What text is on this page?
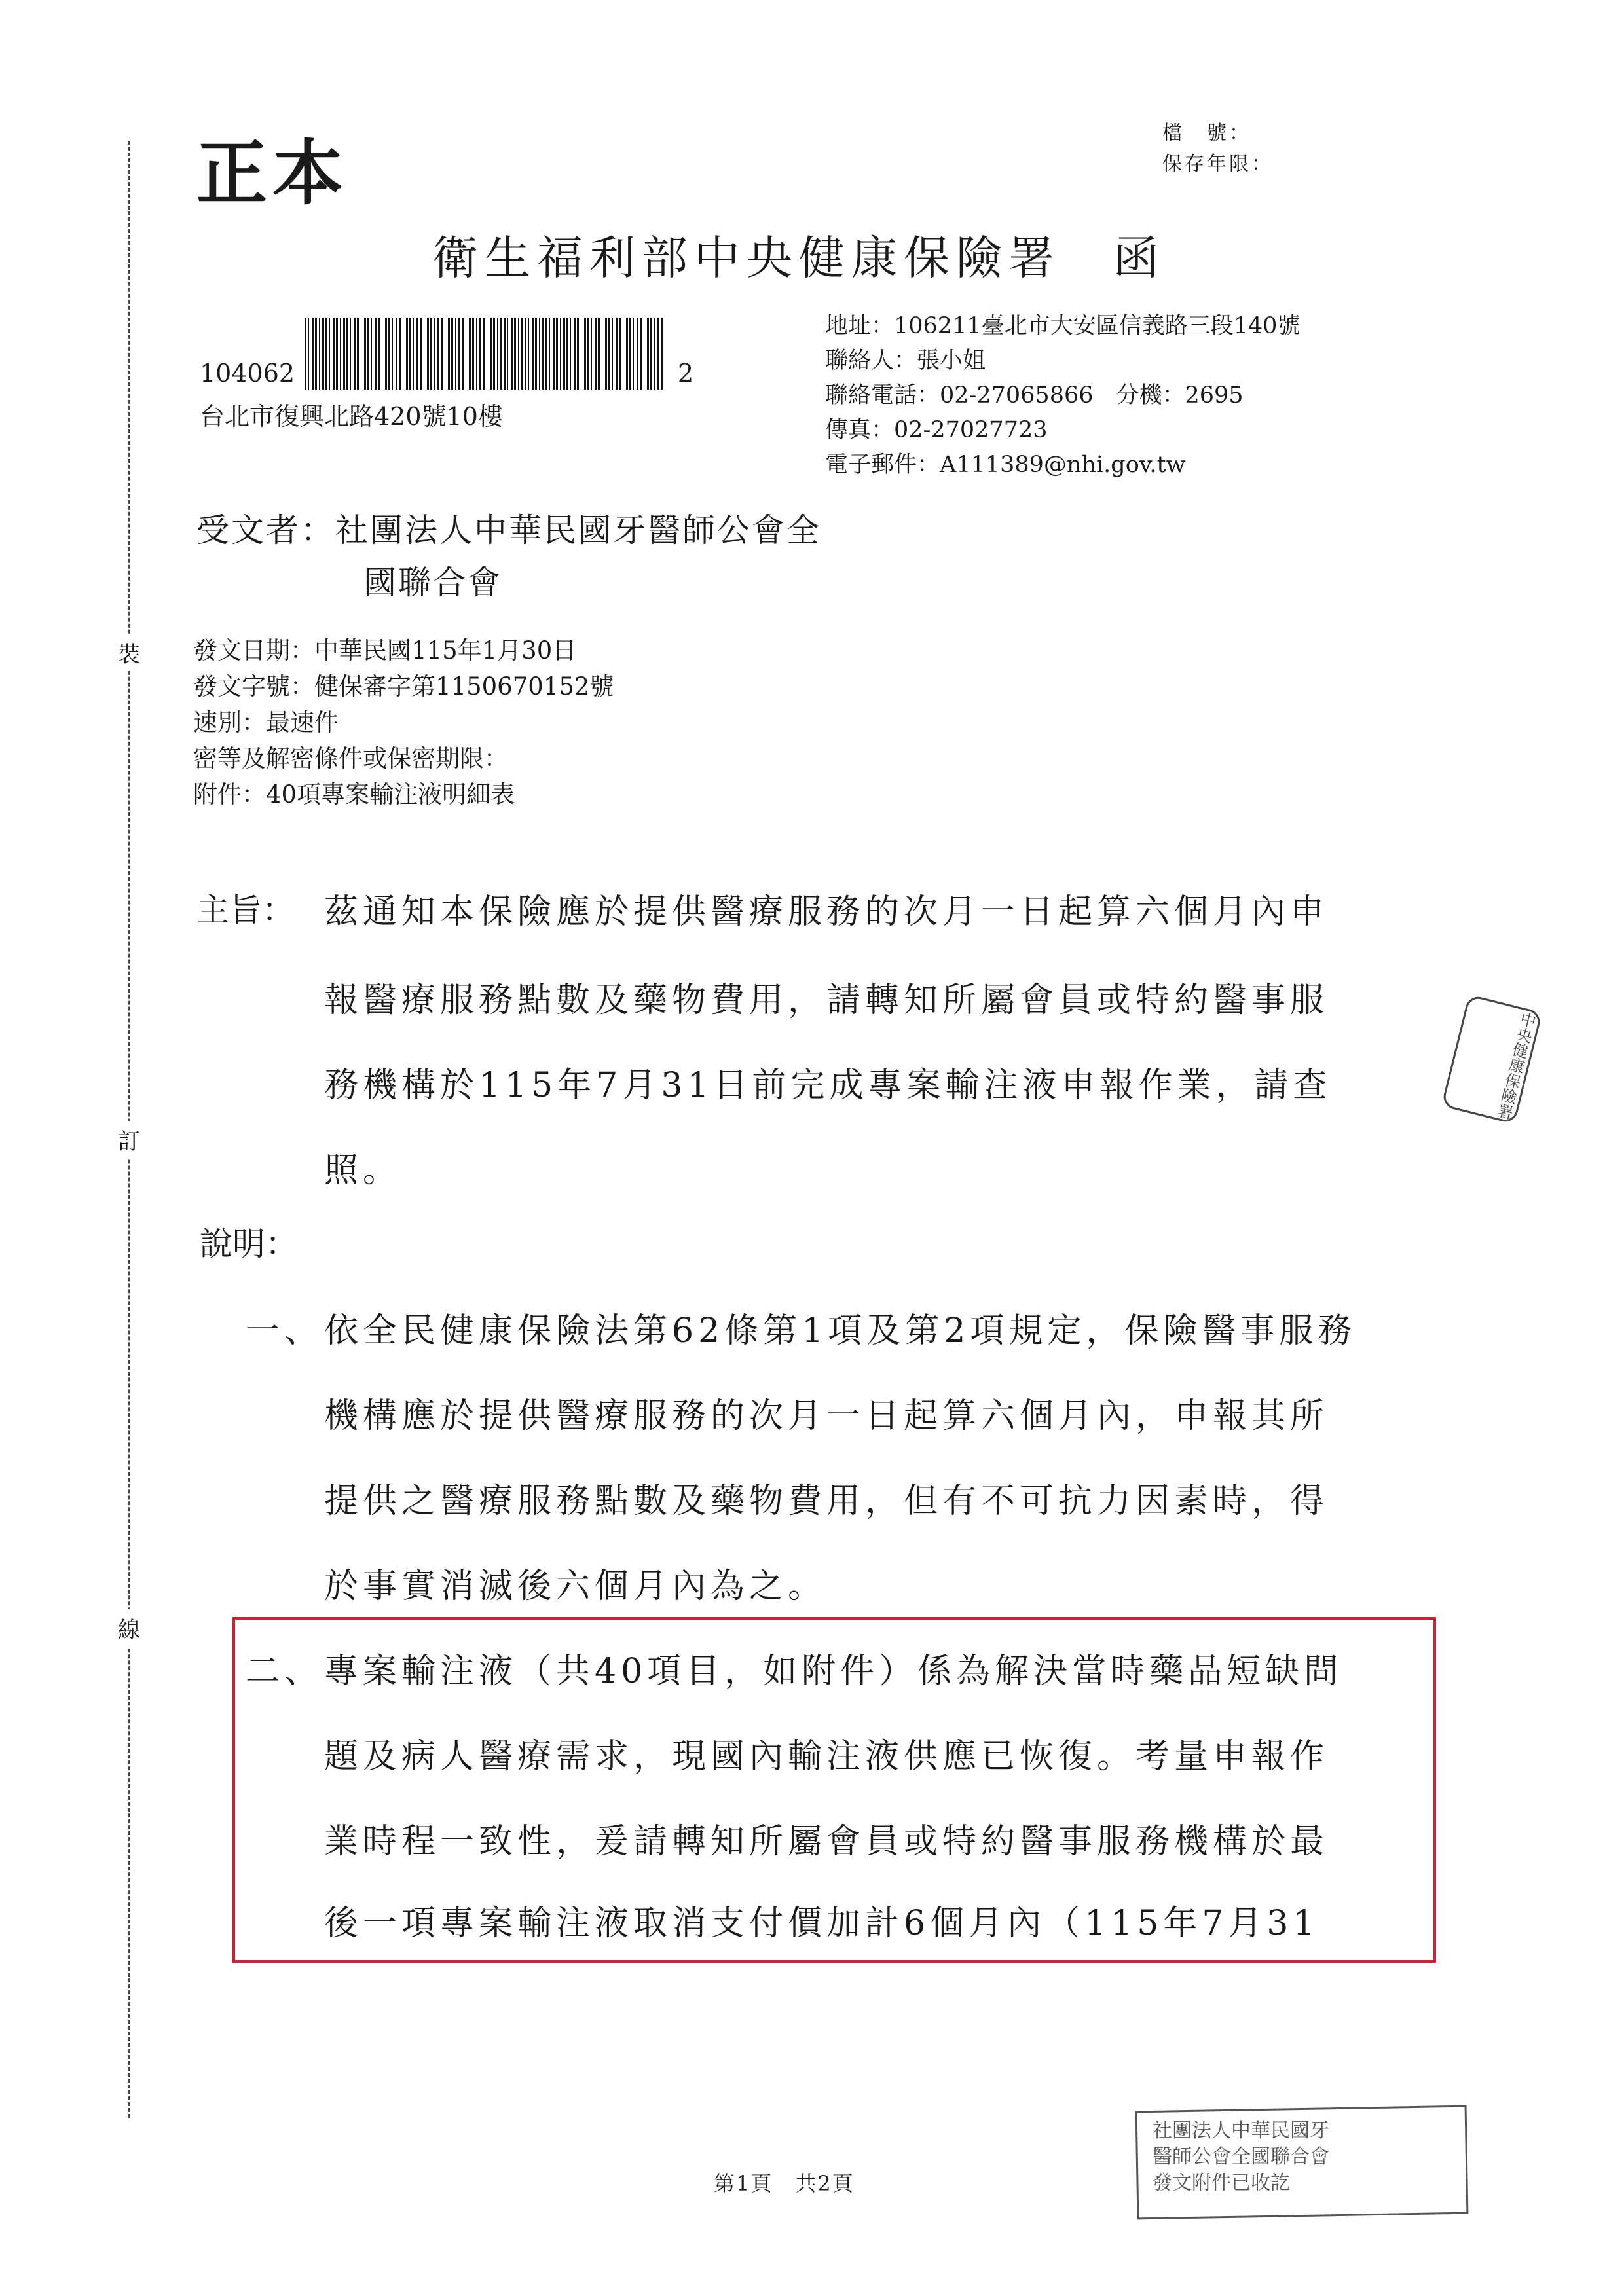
裝
訂
線
正本	檔　號：
保存年限：
衛生福利部中央健康保險署　函
104062	2
台北市復興北路420號10樓
地址：106211臺北市大安區信義路三段140號
聯絡人：張小姐
聯絡電話：02-27065866　分機：2695
傳真：02-27027723
電子郵件：A111389@nhi.gov.tw
受文者：社團法人中華民國牙醫師公會全
國聯合會
發文日期：中華民國115年1月30日
發文字號：健保審字第1150670152號
速別：最速件
密等及解密條件或保密期限：
附件：40項專案輸注液明細表

主旨： 茲通知本保險應於提供醫療服務的次月一日起算六個月內申
報醫療服務點數及藥物費用，請轉知所屬會員或特約醫事服
務機構於115年7月31日前完成專案輸注液申報作業，請查
照。
中央健康保險署
說明：
一、 依全民健康保險法第62條第1項及第2項規定，保險醫事服務
機構應於提供醫療服務的次月一日起算六個月內，申報其所
提供之醫療服務點數及藥物費用，但有不可抗力因素時，得
於事實消滅後六個月內為之。
二、 專案輸注液（共40項目，如附件）係為解決當時藥品短缺問
題及病人醫療需求，現國內輸注液供應已恢復。考量申報作
業時程一致性，爰請轉知所屬會員或特約醫事服務機構於最
後一項專案輸注液取消支付價加計6個月內（115年7月31
第1頁　共2頁
社團法人中華民國牙
醫師公會全國聯合會
發文附件已收訖
